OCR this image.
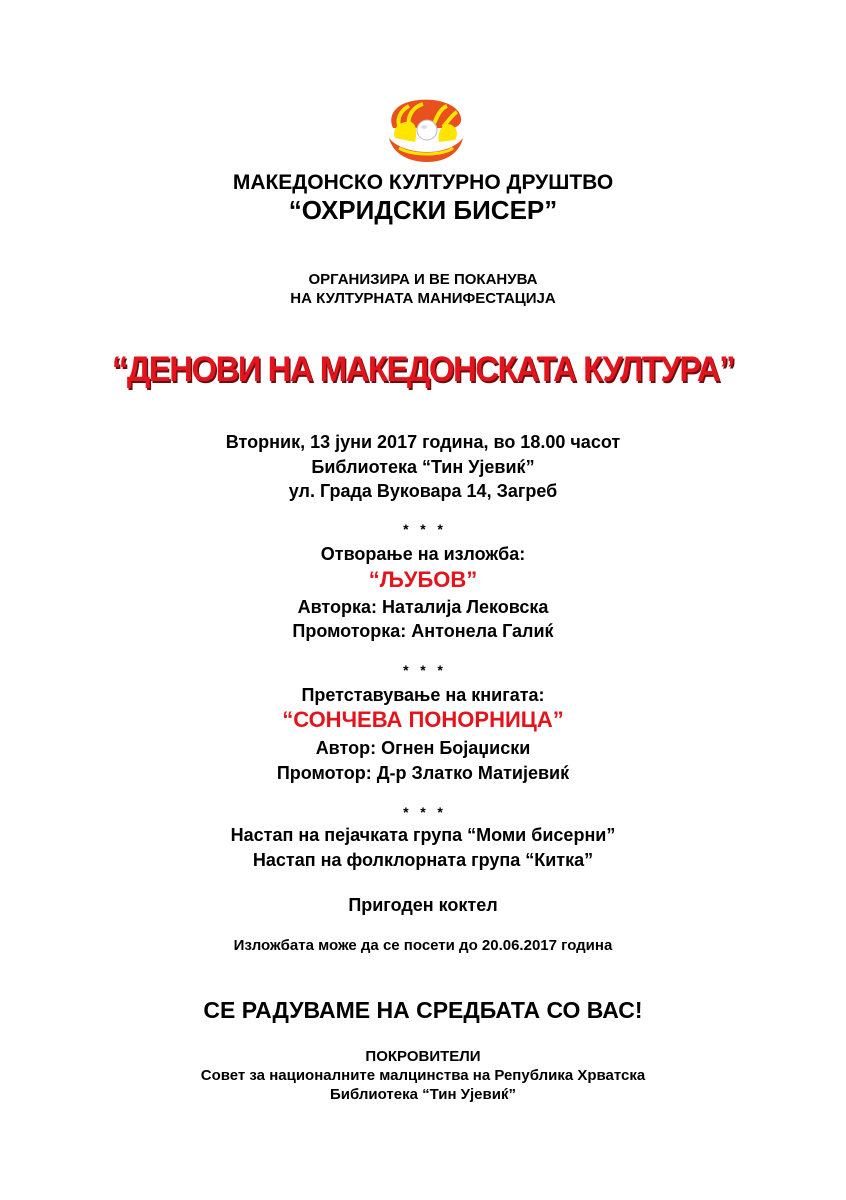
МАКЕДОНСКО КУЛТУРНО ДРУШТВО
“ОХРИДСКИ БИСЕР”
ОРГАНИЗИРА И ВЕ ПОКАНУВА
НА КУЛТУРНАТА МАНИФЕСТАЦИЈА
“ДЕНОВИ НА МАКЕДОНСКАТА КУЛТУРА”
Вторник, 13 јуни 2017 година, во 18.00 часот
Библиотека “Тин Ујевиќ”
ул. Града Вуковара 14, Загреб
*   *   *
Отворање на изложба:
“ЉУБОВ”
Авторка: Наталија Лековска
Промоторка: Антонела Галиќ
*   *   *
Претставување на книгата:
“СОНЧЕВА ПОНОРНИЦА”
Автор: Огнен Бојаџиски
Промотор: Д-р Златко Матијевиќ
*   *   *
Настап на пејачката група “Моми бисерни”
Настап на фолклорната група “Китка”
Пригоден коктел
Изложбата може да се посети до 20.06.2017 година
СЕ РАДУВАМЕ НА СРЕДБАТА СО ВАС!
ПОКРОВИТЕЛИ
Совет за националните малцинства на Република Хрватска
Библиотека “Тин Ујевиќ”
